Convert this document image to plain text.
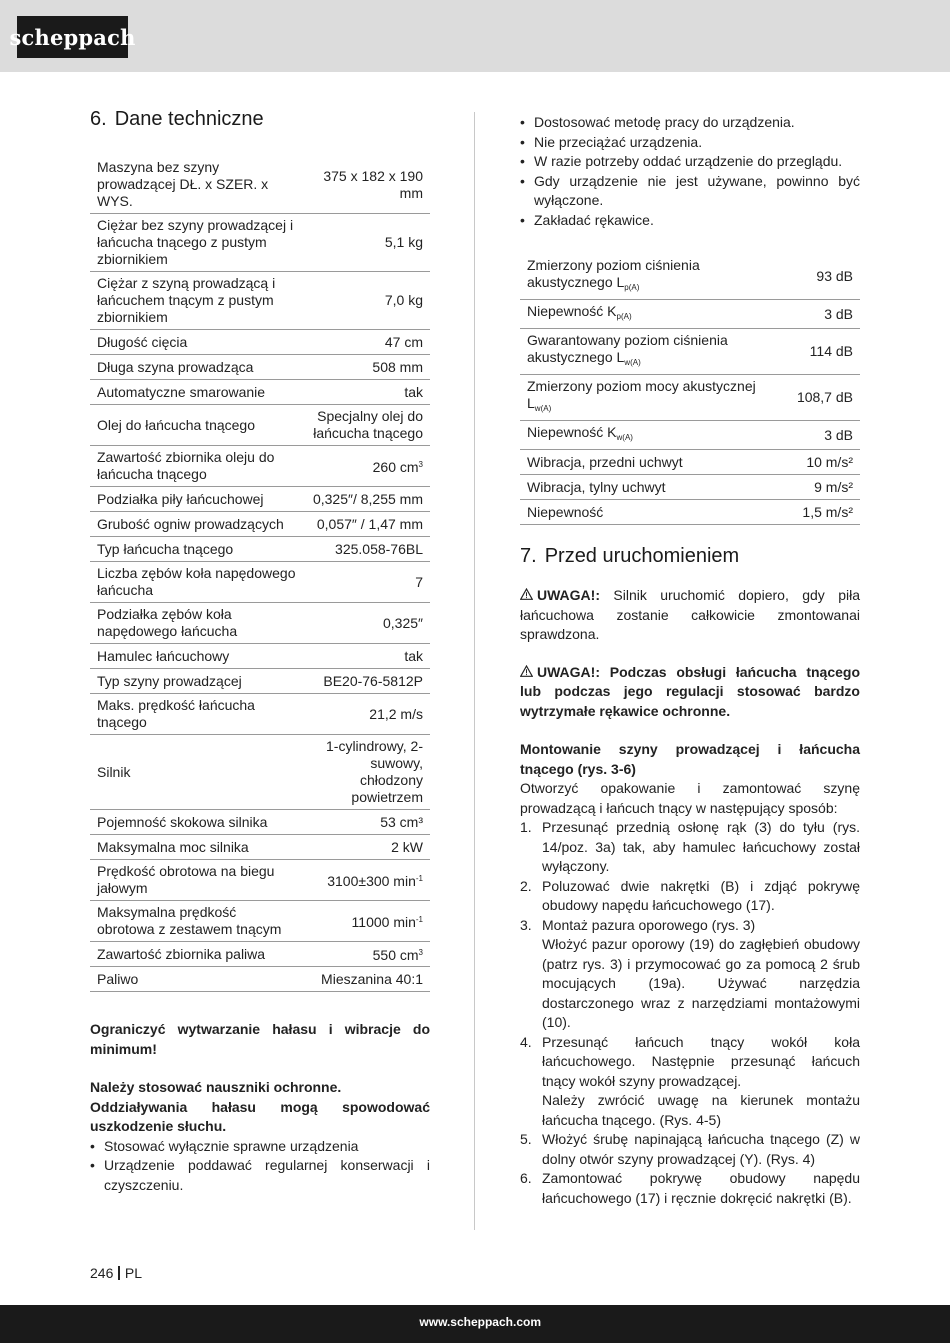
scheppach
6. Dane techniczne
Maszyna bez szyny prowadzącej DŁ. x SZER. x WYS.	375 x 182 x 190 mm
Ciężar bez szyny prowadzącej i łańcucha tnącego z pustym zbiornikiem	5,1 kg
Ciężar z szyną prowadzącą i łańcuchem tnącym z pustym zbiornikiem	7,0 kg
Długość cięcia	47 cm
Długa szyna prowadząca	508 mm
Automatyczne smarowanie	tak
Olej do łańcucha tnącego	Specjalny olej do łańcucha tnącego
Zawartość zbiornika oleju do łańcucha tnącego	260 $cm^3$
Podziałka piły łańcuchowej	0,325″/ 8,255 mm
Grubość ogniw prowadzących	0,057″ / 1,47 mm
Typ łańcucha tnącego	325.058-76BL
Liczba zębów koła napędowego łańcucha	7
Podziałka zębów koła napędowego łańcucha	0,325″
Hamulec łańcuchowy	tak
Typ szyny prowadzącej	BE20-76-5812P
Maks. prędkość łańcucha tnącego	21,2 m/s
Silnik	1-cylindrowy, 2-suwowy, chłodzony powietrzem
Pojemność skokowa silnika	53 cm³
Maksymalna moc silnika	2 kW
Prędkość obrotowa na biegu jałowym	3100±300 $\min^{-1}$
Maksymalna prędkość obrotowa z zestawem tnącym	11000 $\min^{-1}$
Zawartość zbiornika paliwa	550 $cm^3$
Paliwo	Mieszanina 40:1

Ograniczyć wytwarzanie hałasu i wibracje do minimum!

Należy stosować nauszniki ochronne.

Oddziaływania hałasu mogą spowodować uszkodzenie słuchu.

• Stosować wyłącznie sprawne urządzenia
• Urządzenie poddawać regularnej konserwacji i czyszczeniu.
• Dostosować metodę pracy do urządzenia.
• Nie przeciążać urządzenia.
• W razie potrzeby oddać urządzenie do przeglądu.
• Gdy urządzenie nie jest używane, powinno być wyłączone.
• Zakładać rękawice.
Zmierzony poziom ciśnienia akustycznego $L_{p(A)}$	93 dB
Niepewność $K_{p(A)}$	3 dB
Gwarantowany poziom ciśnienia akustycznego $L_{w(A)}$	114 dB
Zmierzony poziom mocy akustycznej $L_{w(A)}$	108,7 dB
Niepewność $K_{w(A)}$	3 dB
Wibracja, przedni uchwyt	10 m/s²
Wibracja, tylny uchwyt	9 m/s²
Niepewność	1,5 m/s²
7. Przed uruchomieniem

UWAGA!: Silnik uruchomić dopiero, gdy piła łańcuchowa zostanie całkowicie zmontowanai sprawdzona.

UWAGA!: Podczas obsługi łańcucha tnącego lub podczas jego regulacji stosować bardzo wytrzymałe rękawice ochronne.

Montowanie szyny prowadzącej i łańcucha tnącego (rys. 3-6)

Otworzyć opakowanie i zamontować szynę prowadzącą i łańcuch tnący w następujący sposób:

1. Przesunąć przednią osłonę rąk (3) do tyłu (rys. 14/poz. 3a) tak, aby hamulec łańcuchowy został wyłączony.
2. Poluzować dwie nakrętki (B) i zdjąć pokrywę obudowy napędu łańcuchowego (17).
3. Montaż pazura oporowego (rys. 3)
Włożyć pazur oporowy (19) do zagłębień obudowy (patrz rys. 3) i przymocować go za pomocą 2 śrub mocujących (19a). Używać narzędzia dostarczonego wraz z narzędziami montażowymi (10).
4. Przesunąć łańcuch tnący wokół koła łańcuchowego. Następnie przesunąć łańcuch tnący wokół szyny prowadzącej.
Należy zwrócić uwagę na kierunek montażu łańcucha tnącego. (Rys. 4-5)
5. Włożyć śrubę napinającą łańcucha tnącego (Z) w dolny otwór szyny prowadzącej (Y). (Rys. 4)
6. Zamontować pokrywę obudowy napędu łańcuchowego (17) i ręcznie dokręcić nakrętki (B).
246 PL
www.scheppach.com
